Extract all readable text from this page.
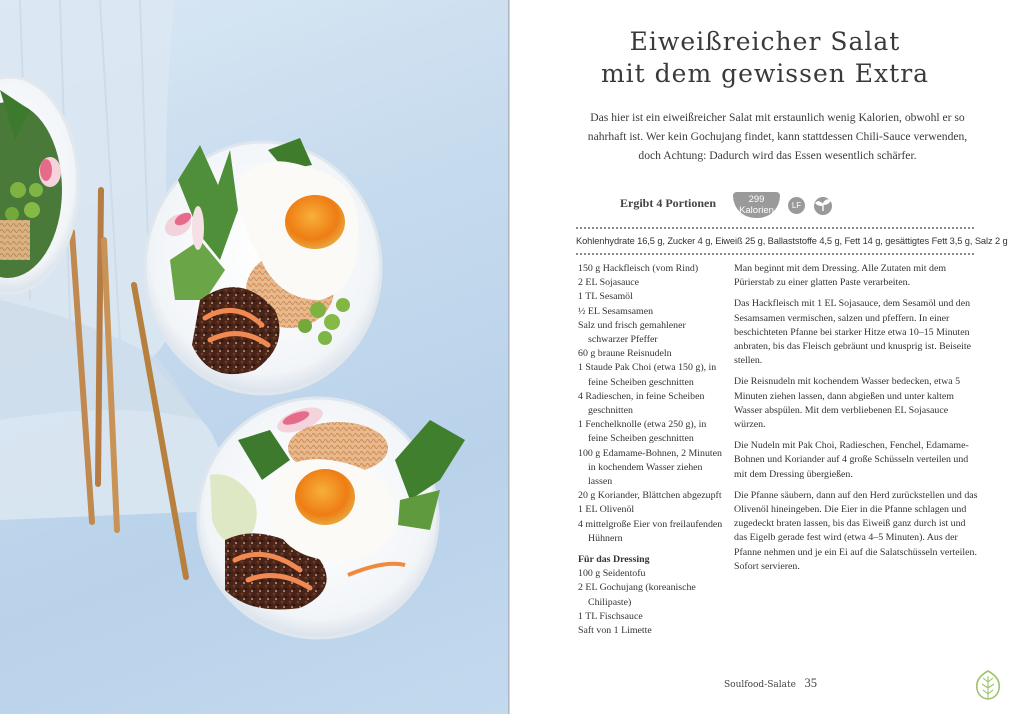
Eiweißreicher Salat
mit dem gewissen Extra
Das hier ist ein eiweißreicher Salat mit erstaunlich wenig Kalorien, obwohl er so nahrhaft ist. Wer kein Gochujang findet, kann stattdessen Chili-Sauce verwenden, doch Achtung: Dadurch wird das Essen wesentlich schärfer.
Ergibt 4 Portionen	299
Kalorien	LF
Kohlenhydrate 16,5 g, Zucker 4 g, Eiweiß 25 g, Ballaststoffe 4,5 g, Fett 14 g, gesättigtes Fett 3,5 g, Salz 2 g
150 g Hackfleisch (vom Rind)
2 EL Sojasauce
1 TL Sesamöl
½ EL Sesamsamen
Salz und frisch gemahlener schwarzer Pfeffer
60 g braune Reisnudeln
1 Staude Pak Choi (etwa 150 g), in feine Scheiben geschnitten
4 Radieschen, in feine Scheiben geschnitten
1 Fenchelknolle (etwa 250 g), in feine Scheiben geschnitten
100 g Edamame-Bohnen, 2 Minuten in kochendem Wasser ziehen lassen
20 g Koriander, Blättchen abgezupft
1 EL Olivenöl
4 mittelgroße Eier von freilaufenden Hühnern
Für das Dressing
100 g Seidentofu
2 EL Gochujang (koreanische Chilipaste)
1 TL Fischsauce
Saft von 1 Limette

Man beginnt mit dem Dressing. Alle Zutaten mit dem Pürierstab zu einer glatten Paste verarbeiten.

Das Hackfleisch mit 1 EL Sojasauce, dem Sesamöl und den Sesamsamen vermischen, salzen und pfeffern. In einer beschichteten Pfanne bei starker Hitze etwa 10–15 Minuten anbraten, bis das Fleisch gebräunt und knusprig ist. Beiseite stellen.

Die Reisnudeln mit kochendem Wasser bedecken, etwa 5 Minuten ziehen lassen, dann abgießen und unter kaltem Wasser abspülen. Mit dem verbliebenen EL Sojasauce würzen.

Die Nudeln mit Pak Choi, Radieschen, Fenchel, Edamame-Bohnen und Koriander auf 4 große Schüsseln verteilen und mit dem Dressing übergießen.

Die Pfanne säubern, dann auf den Herd zurückstellen und das Olivenöl hineingeben. Die Eier in die Pfanne schlagen und zugedeckt braten lassen, bis das Eiweiß ganz durch ist und das Eigelb gerade fest wird (etwa 4–5 Minuten). Aus der Pfanne nehmen und je ein Ei auf die Salatschüsseln verteilen. Sofort servieren.

Soulfood-Salate 35
